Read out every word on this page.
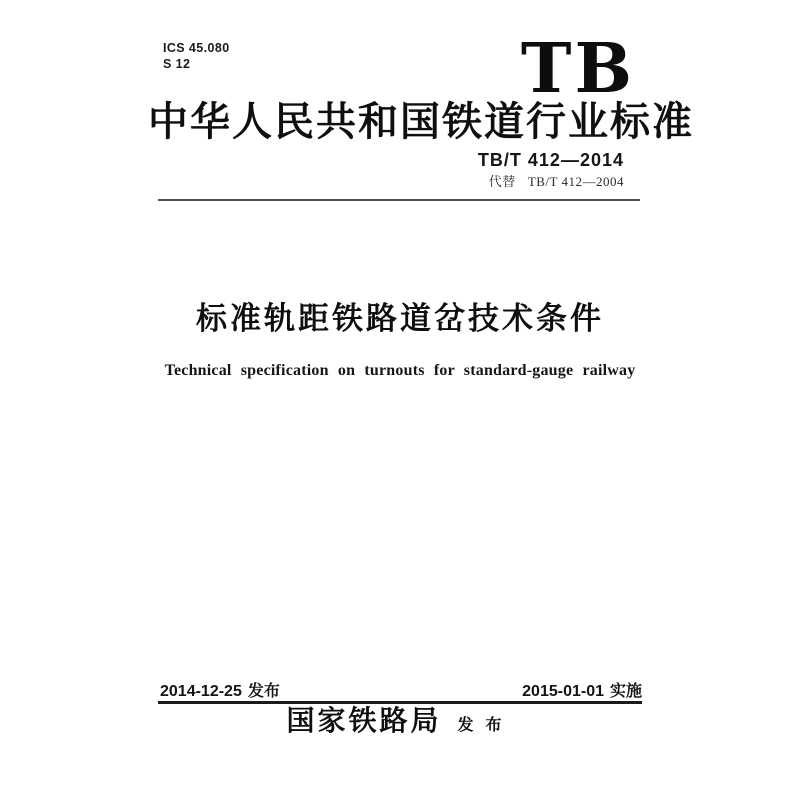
ICS 45.080
S 12	TB
中华人民共和国铁道行业标准
TB/T 412—2014
代替 TB/T 412—2004
标准轨距铁路道岔技术条件
Technical specification on turnouts for standard-gauge railway
2014-12-25 发布	2015-01-01 实施
国家铁路局 发布
